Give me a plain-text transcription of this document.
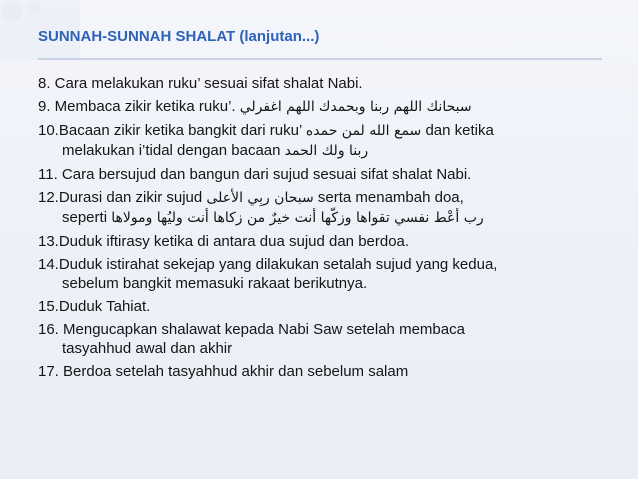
SUNNAH-SUNNAH SHALAT (lanjutan...)
8. Cara melakukan ruku’ sesuai sifat shalat Nabi.
9. Membaca zikir ketika ruku’. اللهم اغفرلي سبحانك اللهم ربنا وبحمدك
10.Bacaan zikir ketika bangkit dari ruku’ سمع الله لمن حمده dan ketika
melakukan i’tidal dengan bacaan ربنا ولك الحمد
11. Cara bersujud dan bangun dari sujud sesuai sifat shalat Nabi.
12.Durasi dan zikir sujud سبحان ربِي الأعلى serta menambah doa,
seperti رب أعْط نفسي تقواها وزكّها أنت خيرٌ من زكاها أنت وليُها ومولاها
13.Duduk iftirasy ketika di antara dua sujud dan berdoa.
14.Duduk istirahat sekejap yang dilakukan setalah sujud yang kedua,
sebelum bangkit memasuki rakaat berikutnya.
15.Duduk Tahiat.
16. Mengucapkan shalawat kepada Nabi Saw setelah membaca
tasyahhud awal dan akhir
17. Berdoa setelah tasyahhud akhir dan sebelum salam
